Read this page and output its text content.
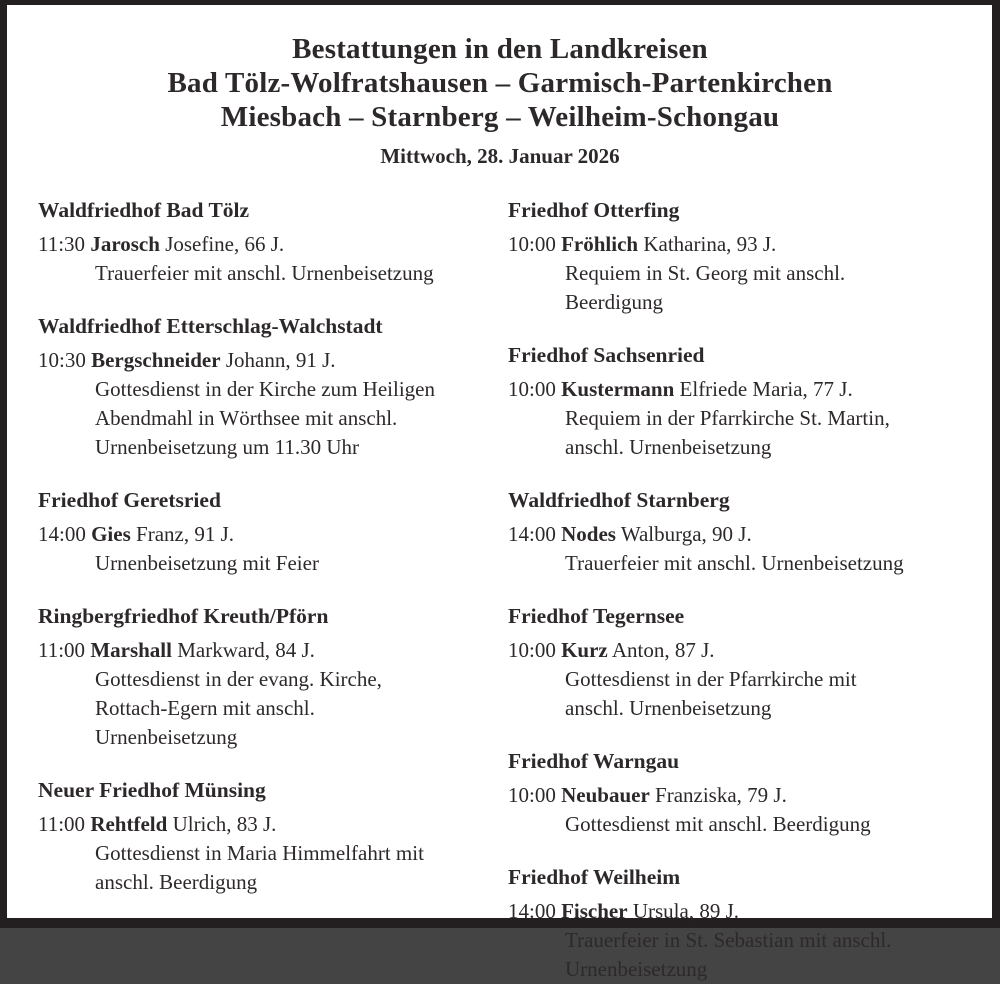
Bestattungen in den Landkreisen
Bad Tölz-Wolfratshausen – Garmisch-Partenkirchen
Miesbach – Starnberg – Weilheim-Schongau
Mittwoch, 28. Januar 2026
Waldfriedhof Bad Tölz
11:30 Jarosch Josefine, 66 J.
Trauerfeier mit anschl. Urnenbeisetzung
Waldfriedhof Etterschlag-Walchstadt
10:30 Bergschneider Johann, 91 J.
Gottesdienst in der Kirche zum Heiligen
Abendmahl in Wörthsee mit anschl.
Urnenbeisetzung um 11.30 Uhr
Friedhof Geretsried
14:00 Gies Franz, 91 J.
Urnenbeisetzung mit Feier
Ringbergfriedhof Kreuth/Pförn
11:00 Marshall Markward, 84 J.
Gottesdienst in der evang. Kirche,
Rottach-Egern mit anschl.
Urnenbeisetzung
Neuer Friedhof Münsing
11:00 Rehtfeld Ulrich, 83 J.
Gottesdienst in Maria Himmelfahrt mit
anschl. Beerdigung
Friedhof Otterfing
10:00 Fröhlich Katharina, 93 J.
Requiem in St. Georg mit anschl.
Beerdigung
Friedhof Sachsenried
10:00 Kustermann Elfriede Maria, 77 J.
Requiem in der Pfarrkirche St. Martin,
anschl. Urnenbeisetzung
Waldfriedhof Starnberg
14:00 Nodes Walburga, 90 J.
Trauerfeier mit anschl. Urnenbeisetzung
Friedhof Tegernsee
10:00 Kurz Anton, 87 J.
Gottesdienst in der Pfarrkirche mit
anschl. Urnenbeisetzung
Friedhof Warngau
10:00 Neubauer Franziska, 79 J.
Gottesdienst mit anschl. Beerdigung
Friedhof Weilheim
14:00 Fischer Ursula, 89 J.
Trauerfeier in St. Sebastian mit anschl.
Urnenbeisetzung
